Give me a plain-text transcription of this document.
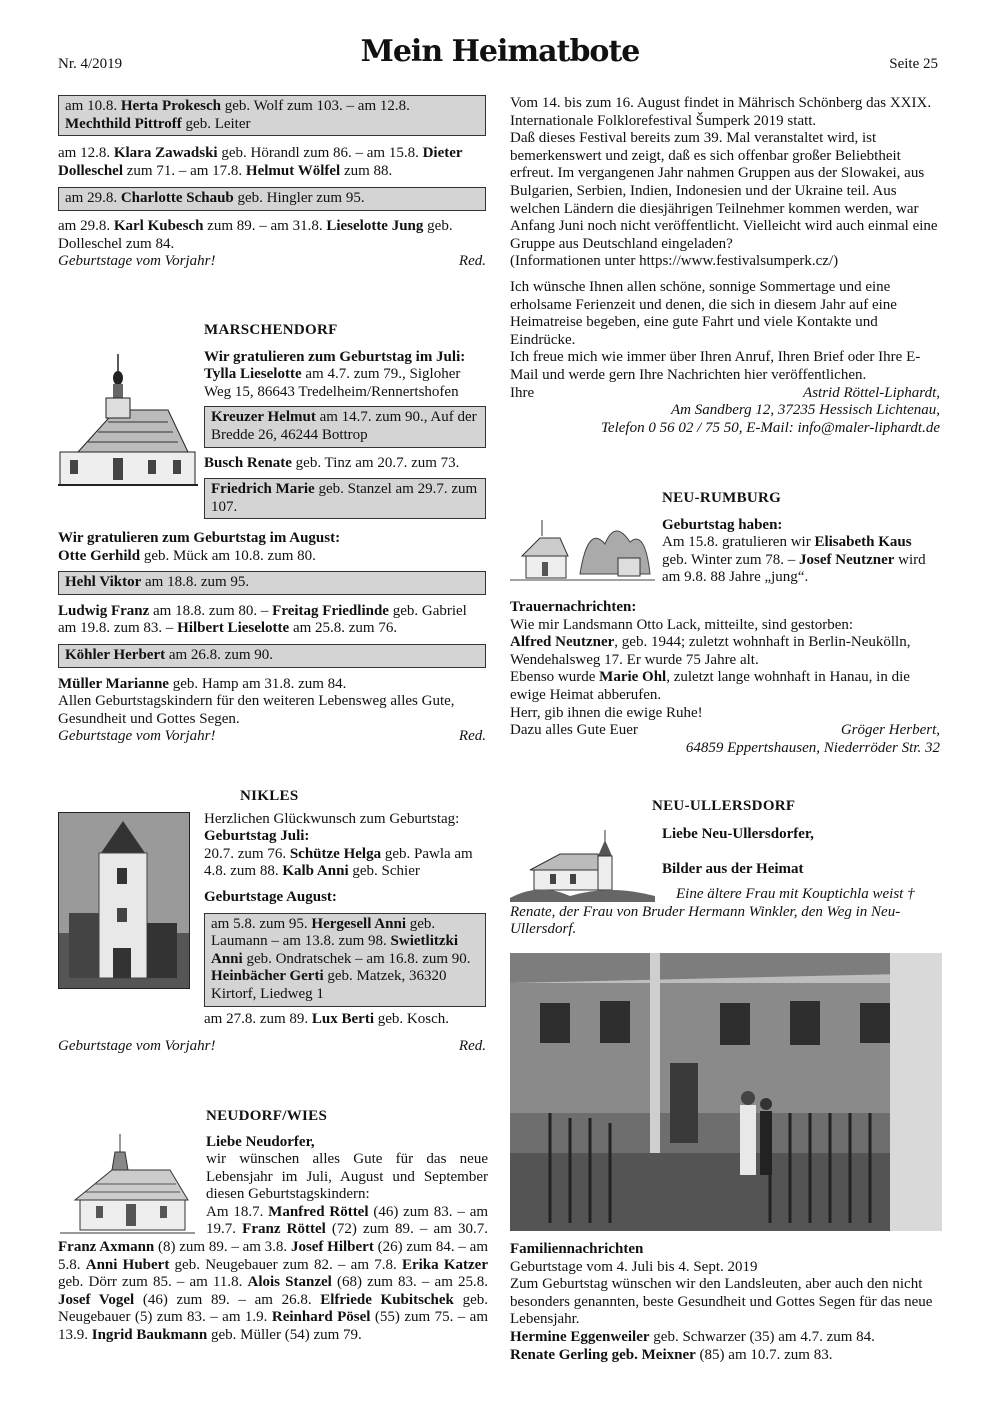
Nr. 4/2019	Mein Heimatbote	Seite 25
am 10.8. Herta Prokesch geb. Wolf zum 103. – am 12.8. Mechthild Pittroff geb. Leiter

am 12.8. Klara Zawadski geb. Hörandl zum 86. – am 15.8. Dieter Dolleschel zum 71. – am 17.8. Helmut Wölfel zum 88.

am 29.8. Charlotte Schaub geb. Hingler zum 95.

am 29.8. Karl Kubesch zum 89. – am 31.8. Lieselotte Jung geb. Dolleschel zum 84.

Geburtstage vom Vorjahr!	Red.
MARSCHENDORF

Wir gratulieren zum Geburtstag im Juli:

Tylla Lieselotte am 4.7. zum 79., Sigloher Weg 15, 86643 Tredelheim/Rennertshofen

Kreuzer Helmut am 14.7. zum 90., Auf der Bredde 26, 46244 Bottrop

Busch Renate geb. Tinz am 20.7. zum 73.

Friedrich Marie geb. Stanzel am 29.7. zum 107.

Wir gratulieren zum Geburtstag im August:

Otte Gerhild geb. Mück am 10.8. zum 80.

Hehl Viktor am 18.8. zum 95.

Ludwig Franz am 18.8. zum 80. – Freitag Friedlinde geb. Gabriel am 19.8. zum 83. – Hilbert Lieselotte am 25.8. zum 76.

Köhler Herbert am 26.8. zum 90.

Müller Marianne geb. Hamp am 31.8. zum 84.

Allen Geburtstagskindern für den weiteren Lebensweg alles Gute, Gesundheit und Gottes Segen.

Geburtstage vom Vorjahr!	Red.
NIKLES

Herzlichen Glückwunsch zum Geburtstag:

Geburtstag Juli:

20.7. zum 76. Schütze Helga geb. Pawla am 4.8. zum 88. Kalb Anni geb. Schier

Geburtstage August:

am 5.8. zum 95. Hergesell Anni geb. Laumann – am 13.8. zum 98. Swietlitzki Anni geb. Ondratschek – am 16.8. zum 90. Heinbächer Gerti geb. Matzek, 36320 Kirtorf, Liedweg 1

am 27.8. zum 89. Lux Berti geb. Kosch.

Geburtstage vom Vorjahr!	Red.
NEUDORF/WIES

Liebe Neudorfer,

wir wünschen alles Gute für das neue Lebensjahr im Juli, August und September diesen Geburtstagskindern:
Am 18.7. Manfred Röttel (46) zum 83. – am 19.7. Franz Röttel (72) zum 89. – am 30.7. Franz Axmann (8) zum 89. – am 3.8. Josef Hilbert (26) zum 84. – am 5.8. Anni Hubert geb. Neugebauer zum 82. – am 7.8. Erika Katzer geb. Dörr zum 85. – am 11.8. Alois Stanzel (68) zum 83. – am 25.8. Josef Vogel (46) zum 89. – am 26.8. Elfriede Kubitschek geb. Neugebauer (5) zum 83. – am 1.9. Reinhard Pösel (55) zum 75. – am 13.9. Ingrid Baukmann geb. Müller (54) zum 79.

Vom 14. bis zum 16. August findet in Mährisch Schönberg das XXIX. Internationale Folklorefestival Šumperk 2019 statt.

Daß dieses Festival bereits zum 39. Mal veranstaltet wird, ist bemerkenswert und zeigt, daß es sich offenbar großer Beliebtheit erfreut. Im vergangenen Jahr nahmen Gruppen aus der Slowakei, aus Bulgarien, Serbien, Indien, Indonesien und der Ukraine teil. Aus welchen Ländern die diesjährigen Teilnehmer kommen werden, war Anfang Juni noch nicht veröffentlicht. Vielleicht wird auch einmal eine Gruppe aus Deutschland eingeladen?

(Informationen unter https://www.festivalsumperk.cz/)

Ich wünsche Ihnen allen schöne, sonnige Sommertage und eine erholsame Ferienzeit und denen, die sich in diesem Jahr auf eine Heimatreise begeben, eine gute Fahrt und viele Kontakte und Eindrücke.

Ich freue mich wie immer über Ihren Anruf, Ihren Brief oder Ihre E-Mail und werde gern Ihre Nachrichten hier veröffentlichen.

Ihre	Astrid Röttel-Liphardt,

Am Sandberg 12, 37235 Hessisch Lichtenau,

Telefon 0 56 02 / 75 50, E-Mail: info@maler-liphardt.de

NEU-RUMBURG

Geburtstag haben:

Am 15.8. gratulieren wir Elisabeth Kaus geb. Winter zum 78. – Josef Neutzner wird am 9.8. 88 Jahre „jung“.

Trauernachrichten:

Wie mir Landsmann Otto Lack, mitteilte, sind gestorben:

Alfred Neutzner, geb. 1944; zuletzt wohnhaft in Berlin-Neukölln, Wendehalsweg 17. Er wurde 75 Jahre alt.

Ebenso wurde Marie Ohl, zuletzt lange wohnhaft in Hanau, in die ewige Heimat abberufen.

Herr, gib ihnen die ewige Ruhe!

Dazu alles Gute Euer	Gröger Herbert,

64859 Eppertshausen, Niederröder Str. 32

NEU-ULLERSDORF

Liebe Neu-Ullersdorfer,

Bilder aus der Heimat

Eine ältere Frau mit Kouptichla weist † Renate, der Frau von Bruder Hermann Winkler, den Weg in Neu-Ullersdorf.

Familiennachrichten

Geburtstage vom 4. Juli bis 4. Sept. 2019

Zum Geburtstag wünschen wir den Landsleuten, aber auch den nicht besonders genannten, beste Gesundheit und Gottes Segen für das neue Lebensjahr.

Hermine Eggenweiler geb. Schwarzer (35) am 4.7. zum 84.

Renate Gerling geb. Meixner (85) am 10.7. zum 83.
